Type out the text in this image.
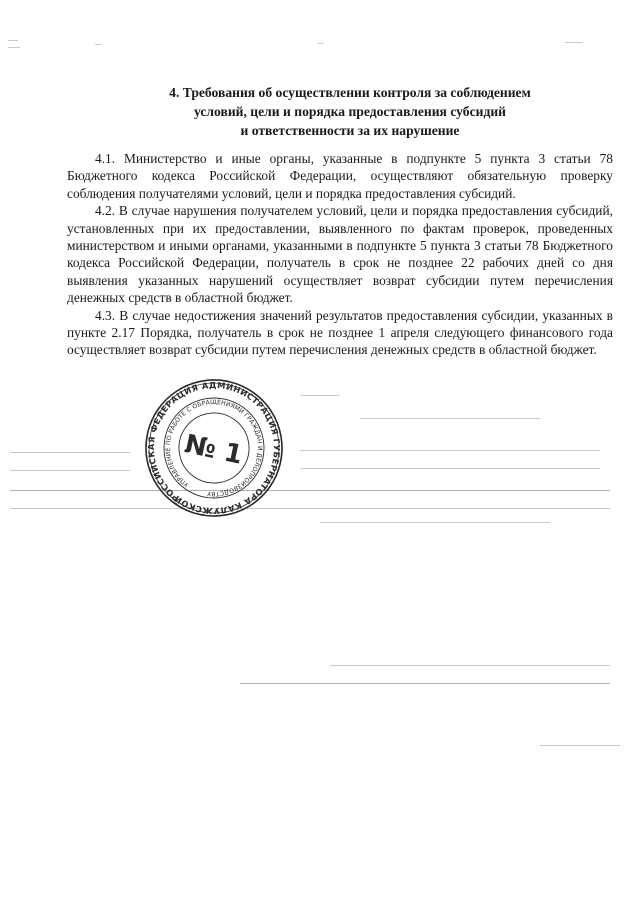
4. Требования об осуществлении контроля за соблюдением
условий, цели и порядка предоставления субсидий
и ответственности за их нарушение

4.1. Министерство и иные органы, указанные в подпункте 5 пункта 3 статьи 78 Бюджетного кодекса Российской Федерации, осуществляют обязательную проверку соблюдения получателями условий, цели и порядка предоставления субсидий.

4.2. В случае нарушения получателем условий, цели и порядка предоставления субсидий, установленных при их предоставлении, выявленного по фактам проверок, проведенных министерством и иными органами, указанными в подпункте 5 пункта 3 статьи 78 Бюджетного кодекса Российской Федерации, получатель в срок не позднее 22 рабочих дней со дня выявления указанных нарушений осуществляет возврат субсидии путем перечисления денежных средств в областной бюджет.

4.3. В случае недостижения значений результатов предоставления субсидии, указанных в пункте 2.17 Порядка, получатель в срок не позднее 1 апреля следующего финансового года осуществляет возврат субсидии путем перечисления денежных средств в областной бюджет.

РОССИЙСКАЯ ФЕДЕРАЦИЯ АДМИНИСТРАЦИЯ ГУБЕРНАТОРА КАЛУЖСКОЙ
УПРАВЛЕНИЕ ПО РАБОТЕ С ОБРАЩЕНИЯМИ ГРАЖДАН И ДЕЛОПРОИЗВОДСТВУ
№ 1
